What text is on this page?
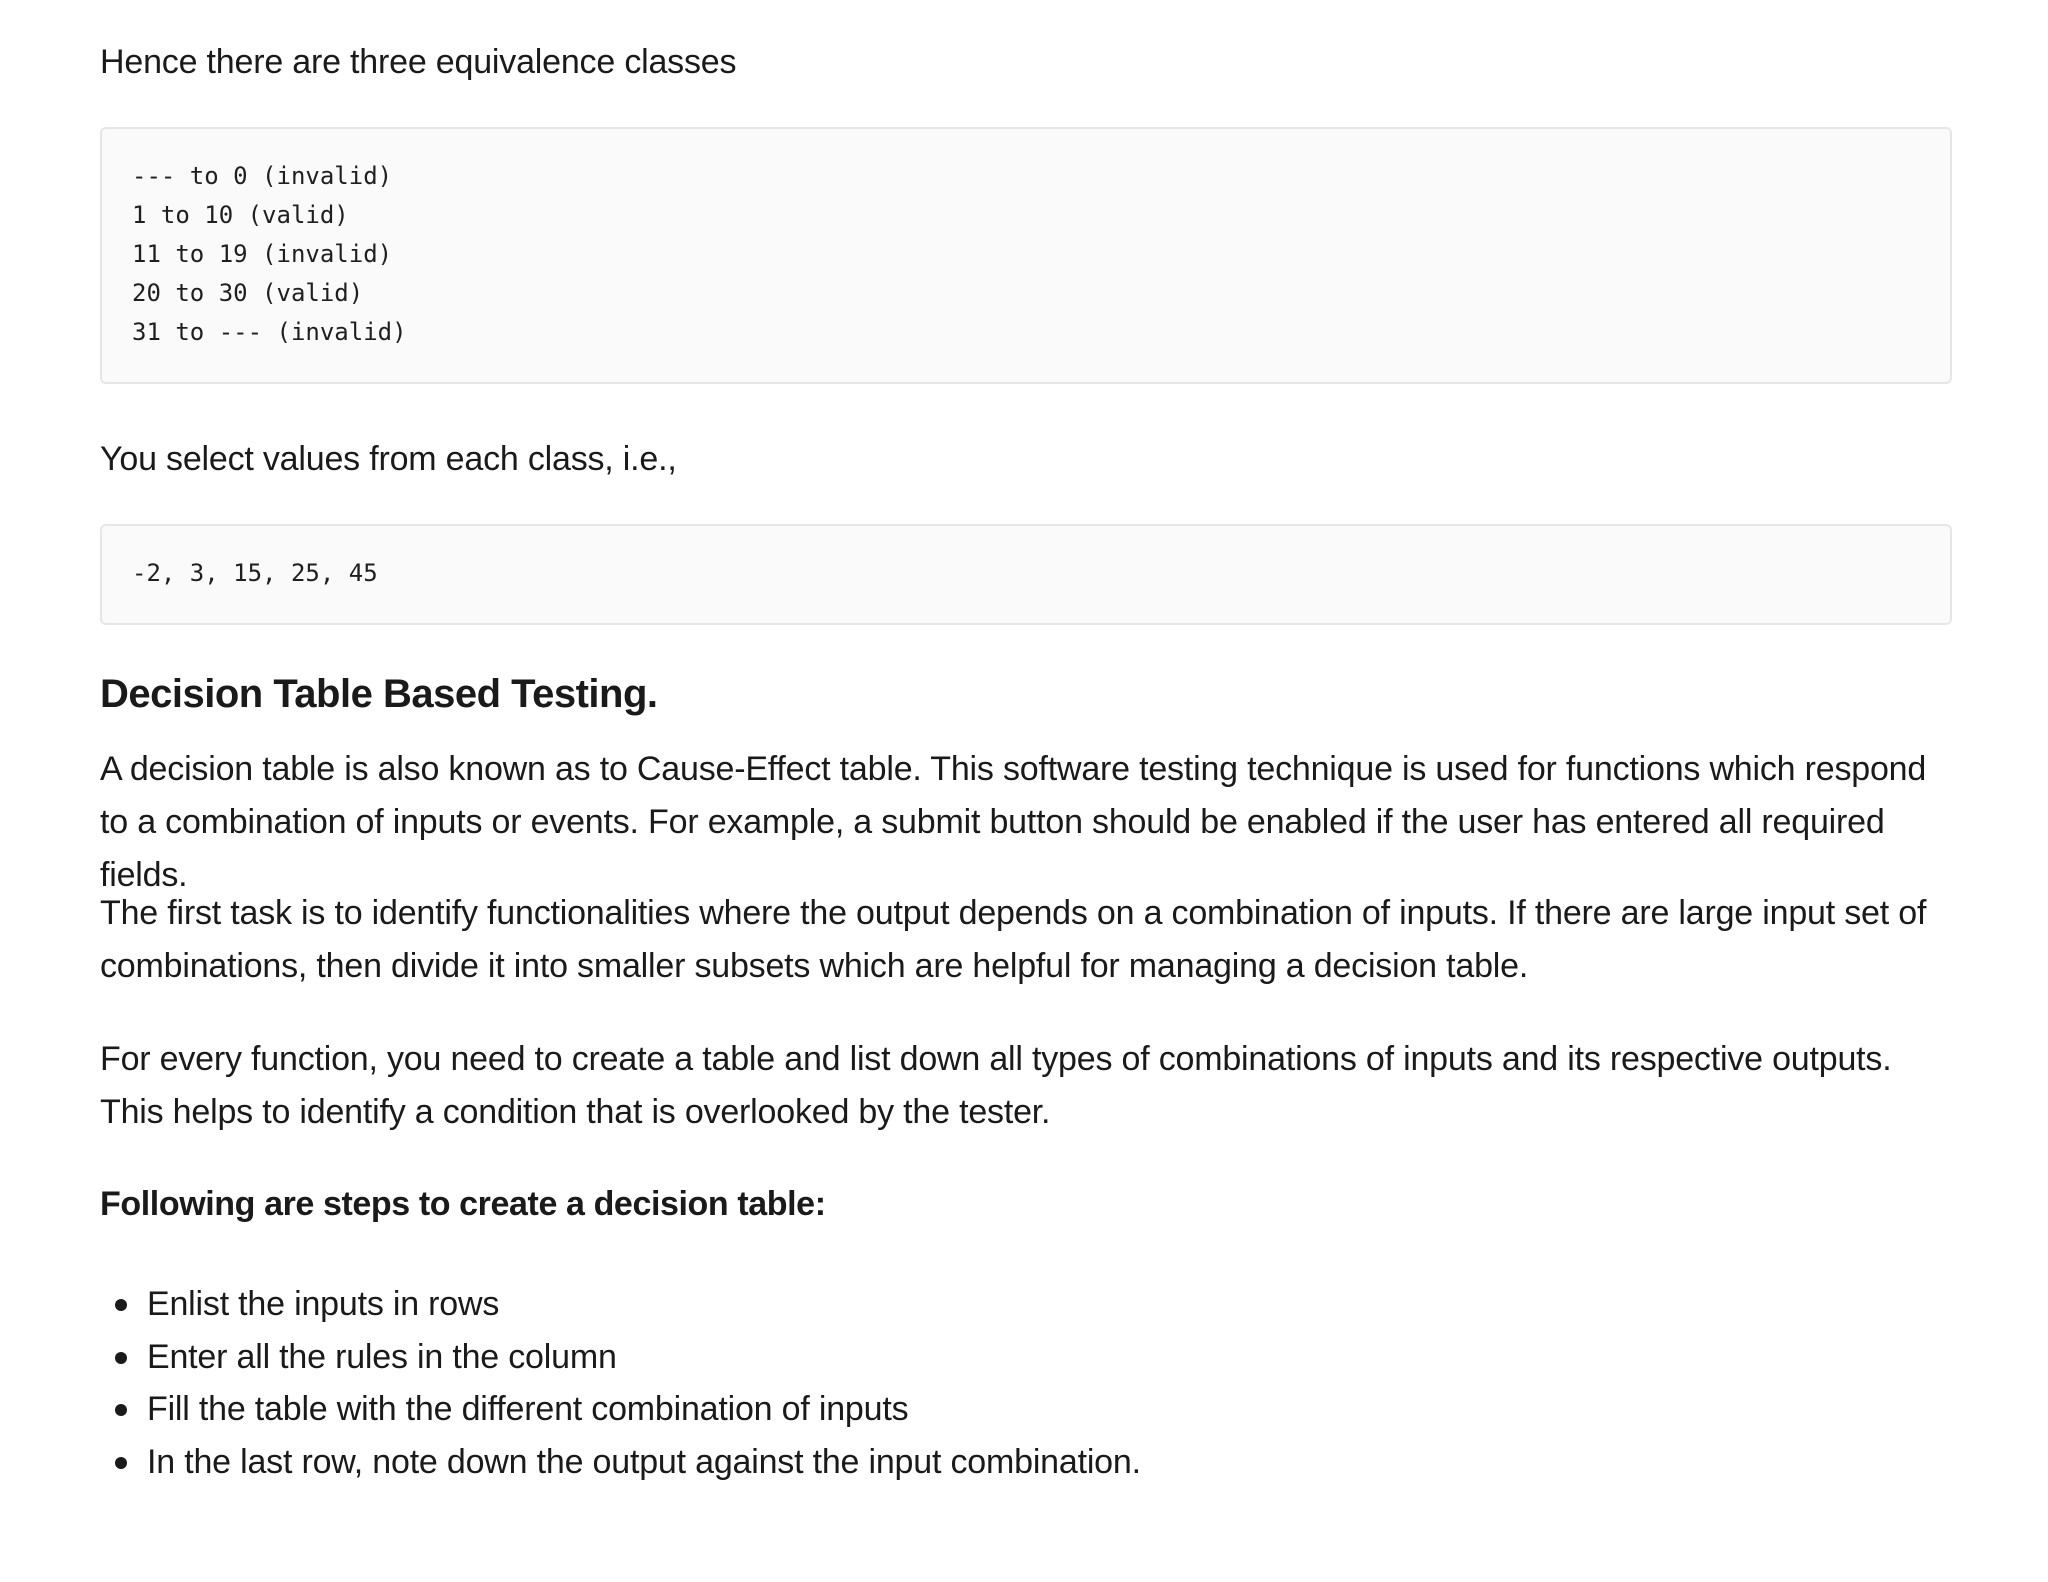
Hence there are three equivalence classes

--- to 0 (invalid)
1 to 10 (valid)
11 to 19 (invalid)
20 to 30 (valid)
31 to --- (invalid)

You select values from each class, i.e.,

-2, 3, 15, 25, 45
Decision Table Based Testing.

A decision table is also known as to Cause-Effect table. This software testing technique is used for functions which respond to a combination of inputs or events. For example, a submit button should be enabled if the user has entered all required fields.

The first task is to identify functionalities where the output depends on a combination of inputs. If there are large input set of combinations, then divide it into smaller subsets which are helpful for managing a decision table.

For every function, you need to create a table and list down all types of combinations of inputs and its respective outputs. This helps to identify a condition that is overlooked by the tester.

Following are steps to create a decision table:

Enlist the inputs in rows
Enter all the rules in the column
Fill the table with the different combination of inputs
In the last row, note down the output against the input combination.
